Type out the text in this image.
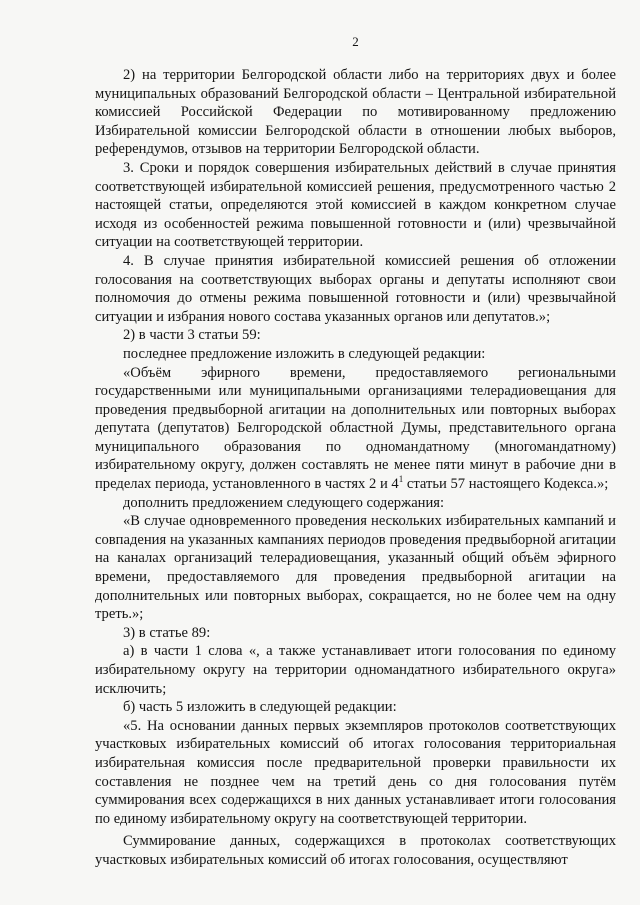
2

2) на территории Белгородской области либо на территориях двух и более муниципальных образований Белгородской области – Центральной избирательной комиссией Российской Федерации по мотивированному предложению Избирательной комиссии Белгородской области в отношении любых выборов, референдумов, отзывов на территории Белгородской области.

3. Сроки и порядок совершения избирательных действий в случае принятия соответствующей избирательной комиссией решения, предусмотренного частью 2 настоящей статьи, определяются этой комиссией в каждом конкретном случае исходя из особенностей режима повышенной готовности и (или) чрезвычайной ситуации на соответствующей территории.

4. В случае принятия избирательной комиссией решения об отложении голосования на соответствующих выборах органы и депутаты исполняют свои полномочия до отмены режима повышенной готовности и (или) чрезвычайной ситуации и избрания нового состава указанных органов или депутатов.»;

2) в части 3 статьи 59:

последнее предложение изложить в следующей редакции:

«Объём эфирного времени, предоставляемого региональными государственными или муниципальными организациями телерадиовещания для проведения предвыборной агитации на дополнительных или повторных выборах депутата (депутатов) Белгородской областной Думы, представительного органа муниципального образования по одномандатному (многомандатному) избирательному округу, должен составлять не менее пяти минут в рабочие дни в пределах периода, установленного в частях 2 и $4^1$ статьи 57 настоящего Кодекса.»;

дополнить предложением следующего содержания:

«В случае одновременного проведения нескольких избирательных кампаний и совпадения на указанных кампаниях периодов проведения предвыборной агитации на каналах организаций телерадиовещания, указанный общий объём эфирного времени, предоставляемого для проведения предвыборной агитации на дополнительных или повторных выборах, сокращается, но не более чем на одну треть.»;

3) в статье 89:

а) в части 1 слова «, а также устанавливает итоги голосования по единому избирательному округу на территории одномандатного избирательного округа» исключить;

б) часть 5 изложить в следующей редакции:

«5. На основании данных первых экземпляров протоколов соответствующих участковых избирательных комиссий об итогах голосования территориальная избирательная комиссия после предварительной проверки правильности их составления не позднее чем на третий день со дня голосования путём суммирования всех содержащихся в них данных устанавливает итоги голосования по единому избирательному округу на соответствующей территории.

Суммирование данных, содержащихся в протоколах соответствующих участковых избирательных комиссий об итогах голосования, осуществляют
